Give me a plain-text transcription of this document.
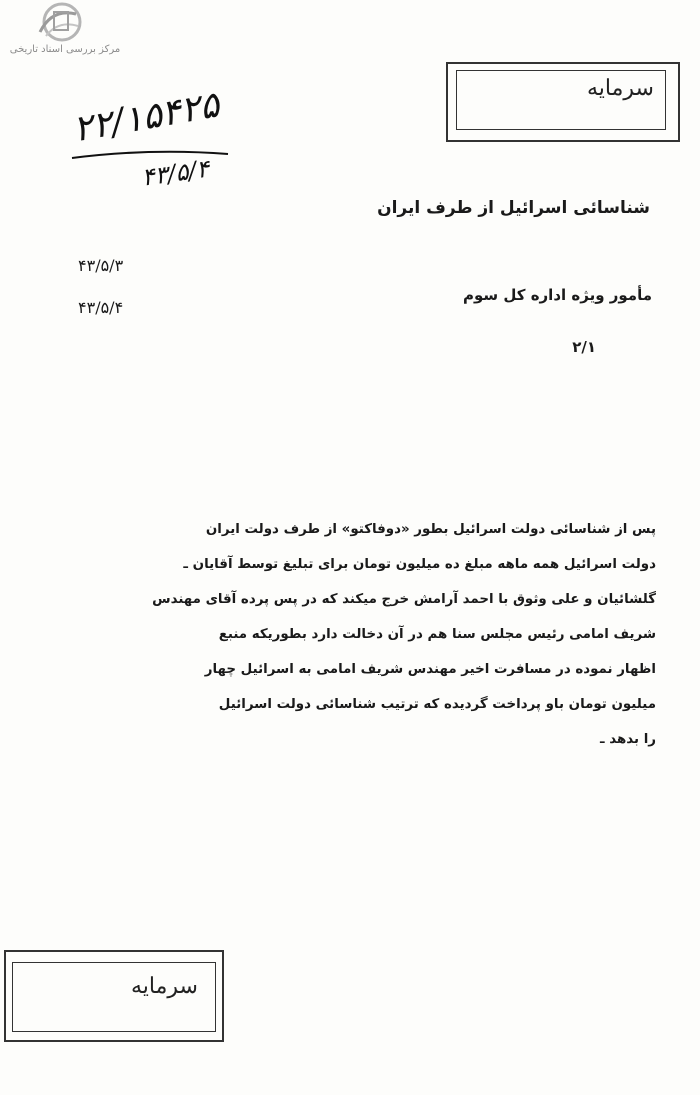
مرکز بررسی اسناد تاریخی
سرمایه
۲۲/۱۵۴۲۵
۴۳/۵/۴
شناسائی اسرائیل از طرف ایران
۴۳/۵/۳
۴۳/۵/۴
مأمور ویژه اداره کل سوم
۲/۱
پس از شناسائی دولت اسرائیل بطور «دوفاکتو» از طرف دولت ایران
دولت اسرائیل همه ماهه مبلغ ده میلیون تومان برای تبلیغ توسط آقایان ـ
گلشائیان و علی وثوق با احمد آرامش خرج میکند که در پس پرده آقای مهندس
شریف امامی رئیس مجلس سنا هم در آن دخالت دارد بطوریکه منبع
اظهار نموده در مسافرت اخیر مهندس شریف امامی به اسرائیل چهار
میلیون تومان باو پرداخت گردیده که ترتیب شناسائی دولت اسرائیل
را بدهد ـ
سرمایه
